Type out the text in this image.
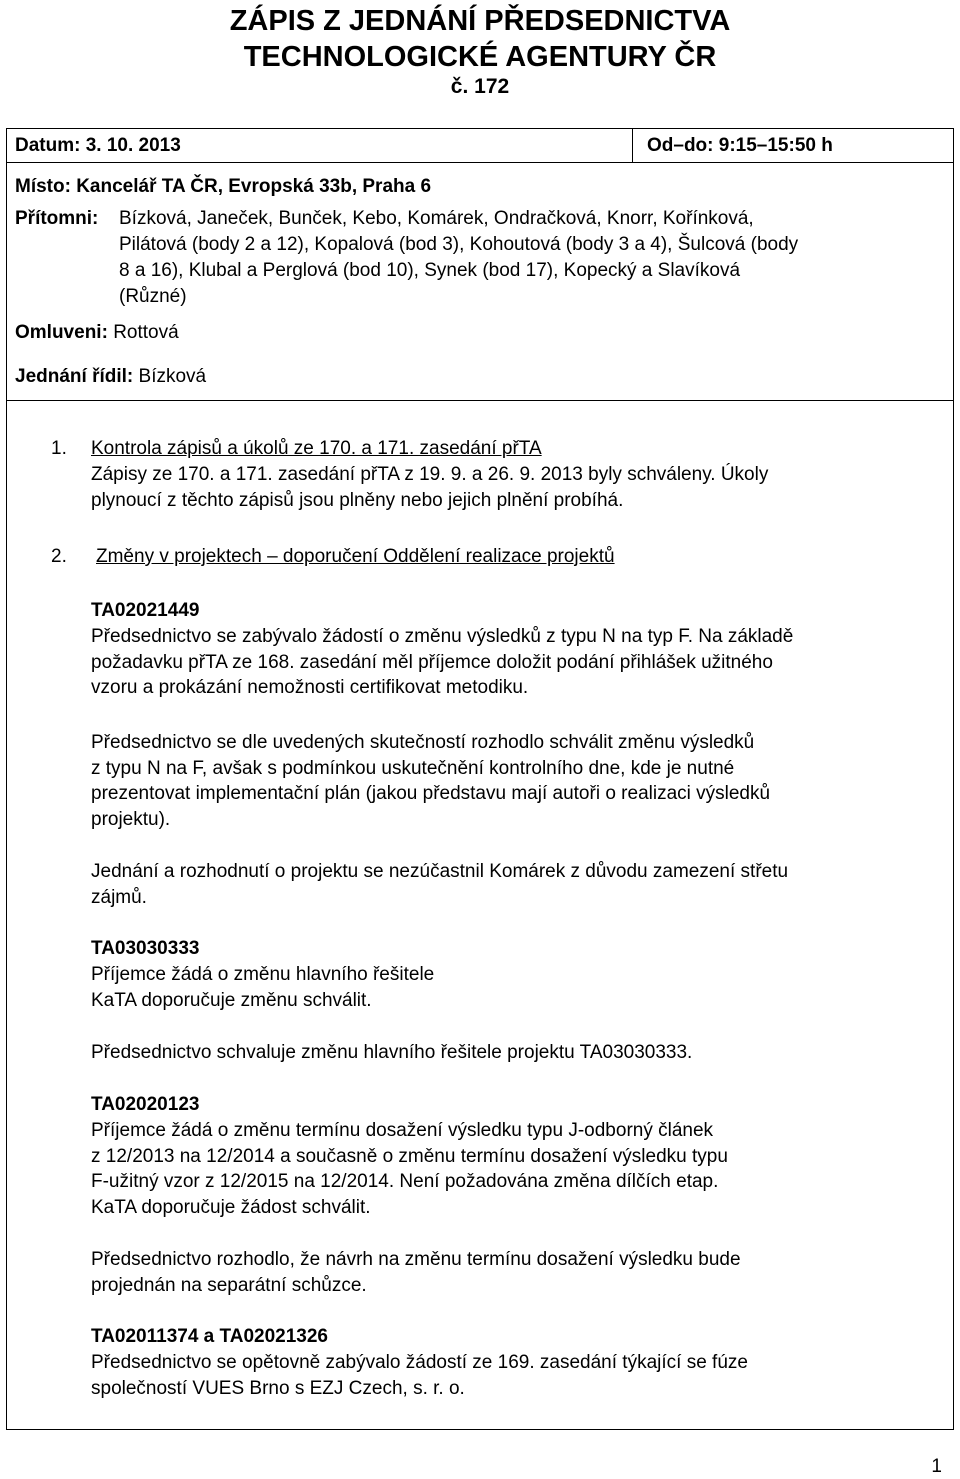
ZÁPIS Z JEDNÁNÍ PŘEDSEDNICTVA
TECHNOLOGICKÉ AGENTURY ČR
č. 172
Datum: 3. 10. 2013	Od–do: 9:15–15:50 h
Místo: Kancelář TA ČR, Evropská 33b, Praha 6
Přítomni: Bízková, Janeček, Bunček, Kebo, Komárek, Ondračková, Knorr, Kořínková,
Pilátová (body 2 a 12), Kopalová (bod 3), Kohoutová (body 3 a 4), Šulcová (body
8 a 16), Klubal a Perglová (bod 10), Synek (bod 17), Kopecký a Slavíková
(Různé)
Omluveni: Rottová
Jednání řídil: Bízková
1. Kontrola zápisů a úkolů ze 170. a 171. zasedání přTA
Zápisy ze 170. a 171. zasedání přTA z 19. 9. a 26. 9. 2013 byly schváleny. Úkoly
plynoucí z těchto zápisů jsou plněny nebo jejich plnění probíhá.
2. Změny v projektech – doporučení Oddělení realizace projektů
TA02021449
Předsednictvo se zabývalo žádostí o změnu výsledků z typu N na typ F. Na základě
požadavku přTA ze 168. zasedání měl příjemce doložit podání přihlášek užitného
vzoru a prokázání nemožnosti certifikovat metodiku.
Předsednictvo se dle uvedených skutečností rozhodlo schválit změnu výsledků
z typu N na F, avšak s podmínkou uskutečnění kontrolního dne, kde je nutné
prezentovat implementační plán (jakou představu mají autoři o realizaci výsledků
projektu).
Jednání a rozhodnutí o projektu se nezúčastnil Komárek z důvodu zamezení střetu
zájmů.
TA03030333
Příjemce žádá o změnu hlavního řešitele
KaTA doporučuje změnu schválit.
Předsednictvo schvaluje změnu hlavního řešitele projektu TA03030333.
TA02020123
Příjemce žádá o změnu termínu dosažení výsledku typu J-odborný článek
z 12/2013 na 12/2014 a současně o změnu termínu dosažení výsledku typu
F-užitný vzor z 12/2015 na 12/2014. Není požadována změna dílčích etap.
KaTA doporučuje žádost schválit.
Předsednictvo rozhodlo, že návrh na změnu termínu dosažení výsledku bude
projednán na separátní schůzce.
TA02011374 a TA02021326
Předsednictvo se opětovně zabývalo žádostí ze 169. zasedání týkající se fúze
společností VUES Brno s EZJ Czech, s. r. o.
1
